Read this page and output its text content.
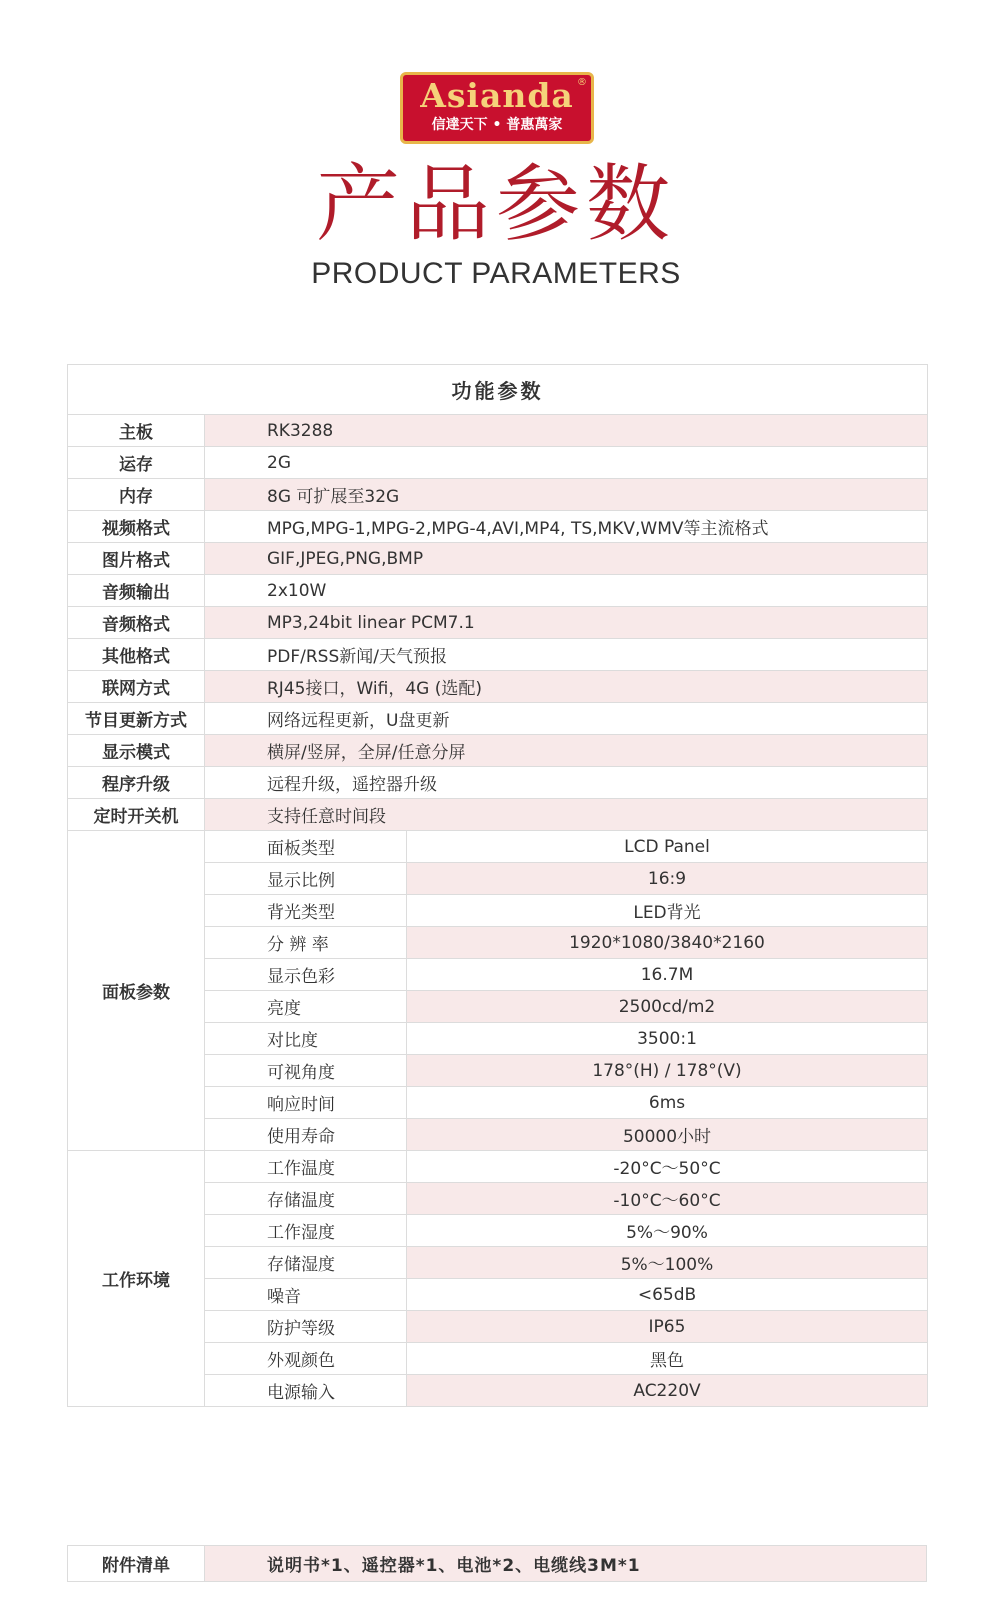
Asianda
信達天下 • 普惠萬家
®
产品参数
PRODUCT PARAMETERS
功能参数		
主板	RK3288	
运存	2G	
内存	8G 可扩展至32G	
视频格式	MPG,MPG-1,MPG-2,MPG-4,AVI,MP4, TS,MKV,WMV等主流格式	
图片格式	GIF,JPEG,PNG,BMP	
音频输出	2x10W	
音频格式	MP3,24bit linear PCM7.1	
其他格式	PDF/RSS新闻/天气预报	
联网方式	RJ45接口，Wifi，4G (选配)	
节目更新方式	网络远程更新，U盘更新	
显示模式	横屏/竖屏，全屏/任意分屏	
程序升级	远程升级，遥控器升级	
定时开关机	支持任意时间段	
面板参数	面板类型	LCD Panel
	显示比例	16:9
	背光类型	LED背光
	分 辨 率	1920*1080/3840*2160
	显示色彩	16.7M
	亮度	2500cd/m2
	对比度	3500:1
	可视角度	178°(H) / 178°(V)
	响应时间	6ms
	使用寿命	50000小时
工作环境	工作温度	-20°C～50°C
	存储温度	-10°C～60°C
	工作湿度	5%～90%
	存储湿度	5%～100%
	噪音	<65dB
	防护等级	IP65
	外观颜色	黑色
	电源输入	AC220V
附件清单	说明书*1、遥控器*1、电池*2、电缆线3M*1
